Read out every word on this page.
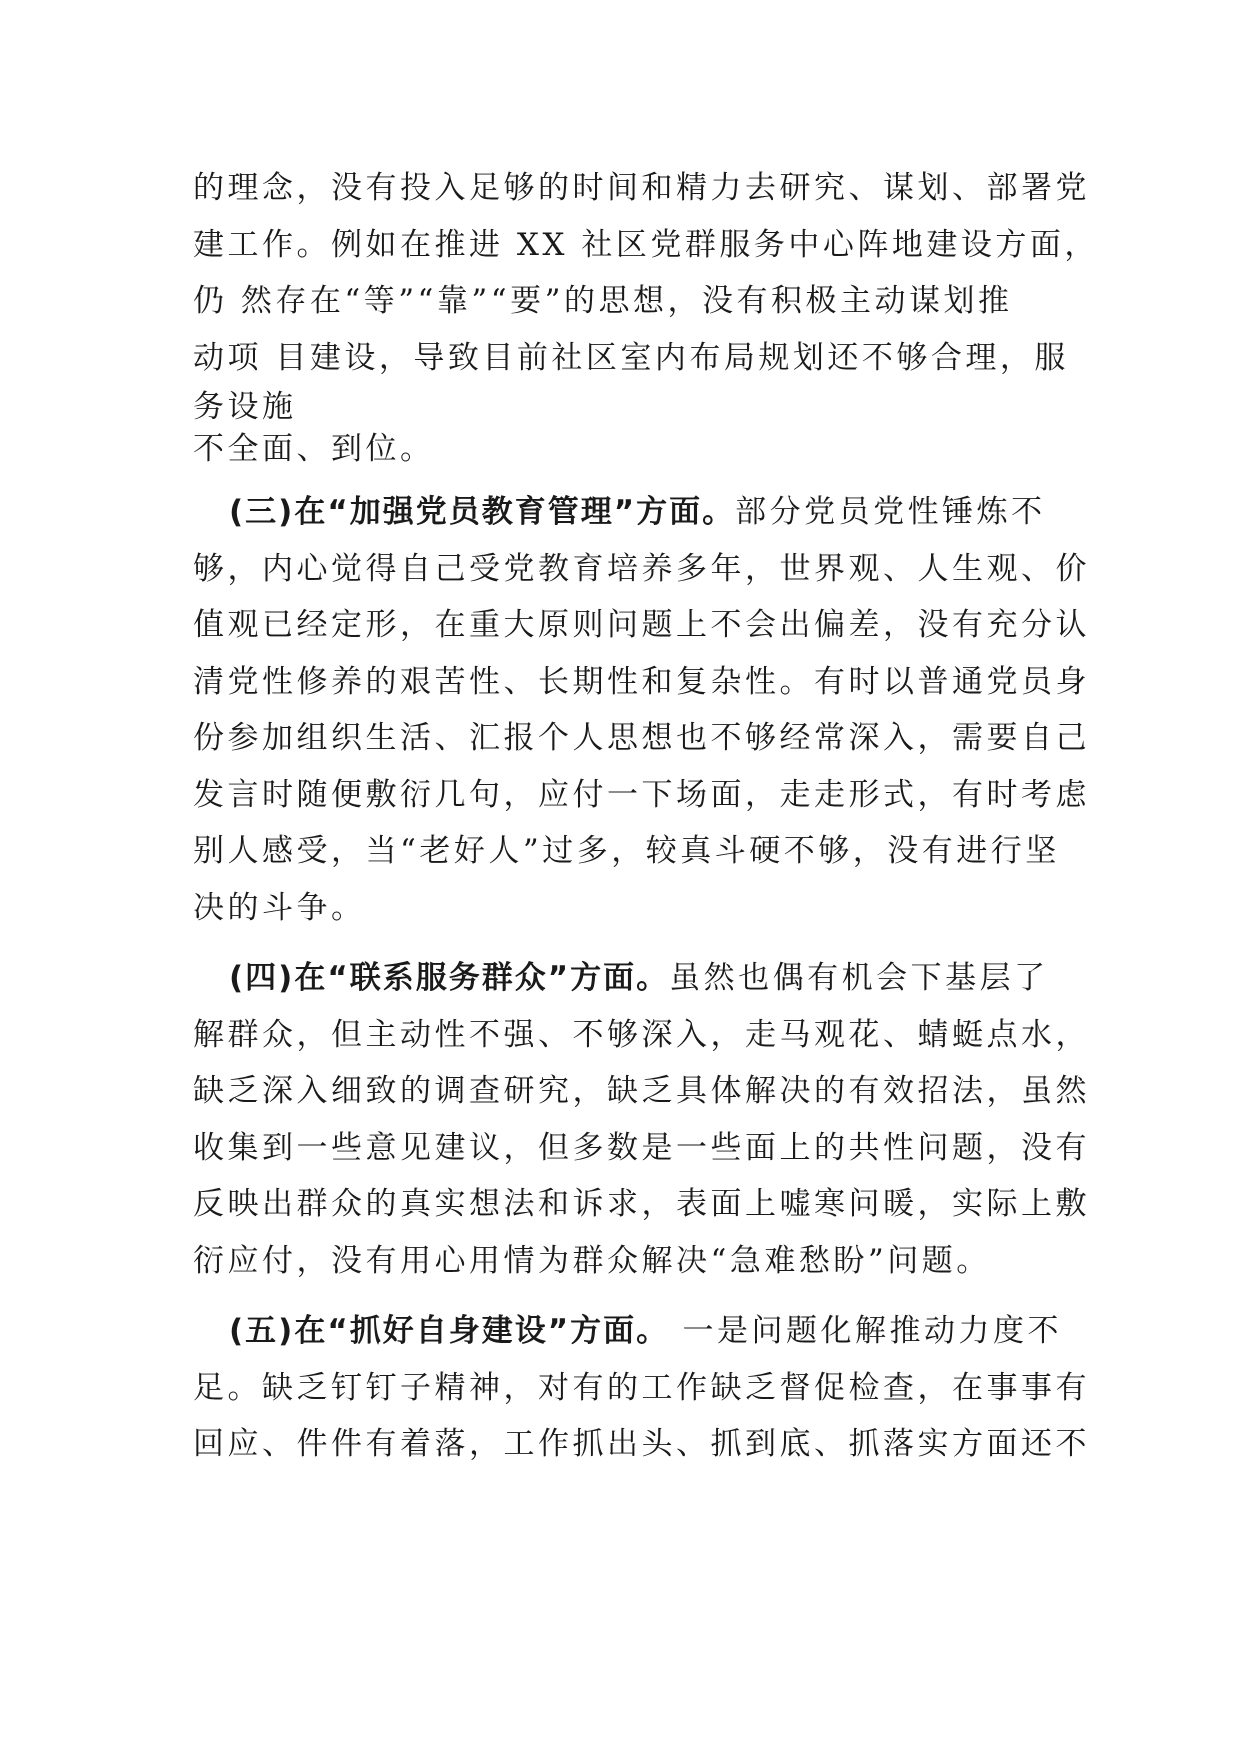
的理念，没有投入足够的时间和精力去研究、谋划、部署党
建工作。例如在推进 XX 社区党群服务中心阵地建设方面，
仍 然存在“等”“靠”“要”的思想，没有积极主动谋划推
动项 目建设，导致目前社区室内布局规划还不够合理，服
务设施
不全面、到位。
(三)在“加强党员教育管理”方面。部分党员党性锤炼不
够，内心觉得自己受党教育培养多年，世界观、人生观、价
值观已经定形，在重大原则问题上不会出偏差，没有充分认
清党性修养的艰苦性、长期性和复杂性。有时以普通党员身
份参加组织生活、汇报个人思想也不够经常深入，需要自己
发言时随便敷衍几句，应付一下场面，走走形式，有时考虑
别人感受，当“老好人”过多，较真斗硬不够，没有进行坚
决的斗争。
(四)在“联系服务群众”方面。虽然也偶有机会下基层了
解群众，但主动性不强、不够深入，走马观花、蜻蜓点水，
缺乏深入细致的调查研究，缺乏具体解决的有效招法，虽然
收集到一些意见建议，但多数是一些面上的共性问题，没有
反映出群众的真实想法和诉求，表面上嘘寒问暖，实际上敷
衍应付，没有用心用情为群众解决“急难愁盼”问题。
(五)在“抓好自身建设”方面。 一是问题化解推动力度不
足。缺乏钉钉子精神，对有的工作缺乏督促检查，在事事有
回应、件件有着落，工作抓出头、抓到底、抓落实方面还不
